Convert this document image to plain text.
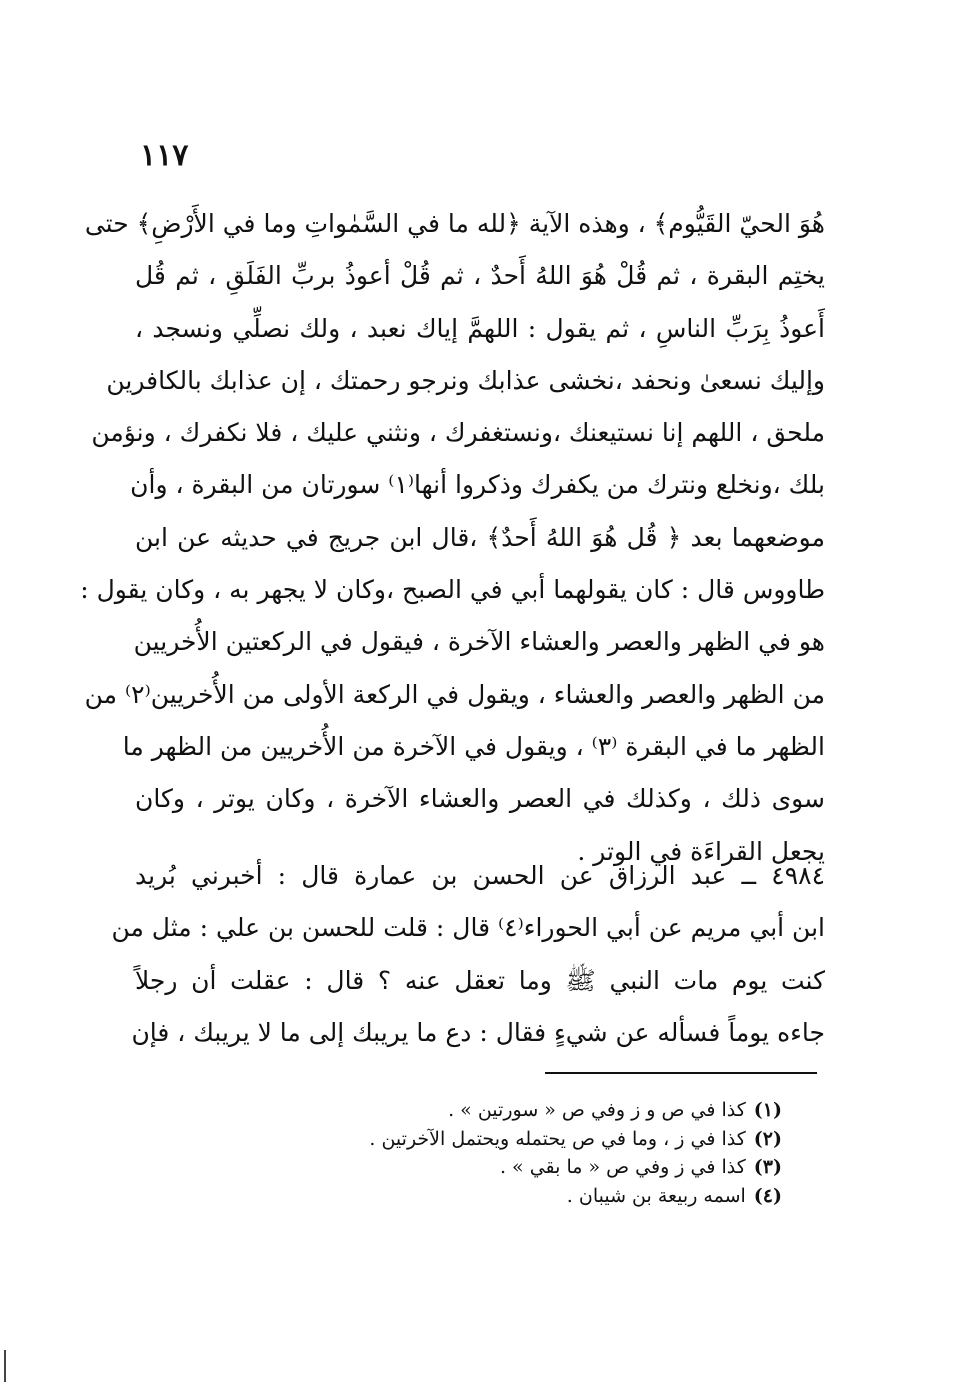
١١٧
هُوَ الحيّ القَيُّوم﴾ ، وهذه الآية ﴿لله ما في السَّمٰواتِ وما في الأَرْضِ﴾ حتى
يختِم البقرة ، ثم قُلْ هُوَ اللهُ أَحدٌ ، ثم قُلْ أعوذُ بربِّ الفَلَقِ ، ثم قُل
أَعوذُ بِرَبِّ الناسِ ، ثم يقول : اللهمَّ إياك نعبد ، ولك نصلِّي ونسجد ،
وإليك نسعىٰ ونحفد ،نخشى عذابك ونرجو رحمتك ، إن عذابك بالكافرين
ملحق ، اللهم إنا نستيعنك ،ونستغفرك ، ونثني عليك ، فلا نكفرك ، ونؤمن
بلك ،ونخلع ونترك من يكفرك وذكروا أنها⁽١⁾ سورتان من البقرة ، وأن
موضعهما بعد ﴿ قُل هُوَ اللهُ أَحدٌ﴾ ،قال ابن جريج في حديثه عن ابن
طاووس قال : كان يقولهما أبي في الصبح ،وكان لا يجهر به ، وكان يقول :
هو في الظهر والعصر والعشاء الآخرة ، فيقول في الركعتين الأُخريين
من الظهر والعصر والعشاء ، ويقول في الركعة الأولى من الأُخريين⁽٢⁾ من
الظهر ما في البقرة ⁽٣⁾ ، ويقول في الآخرة من الأُخريين من الظهر ما
سوى ذلك ، وكذلك في العصر والعشاء الآخرة ، وكان يوتر ، وكان
يجعل القراءَة في الوتر .
٤٩٨٤ ــ عبد الرزاق عن الحسن بن عمارة قال : أخبرني بُريد
ابن أبي مريم عن أبي الحوراء⁽٤⁾ قال : قلت للحسن بن علي : مثل من
كنت يوم مات النبي ﷺ وما تعقل عنه ؟ قال : عقلت أن رجلاً
جاءه يوماً فسأله عن شيءٍ فقال : دع ما يريبك إلى ما لا يريبك ، فإن
(١)كذا في ص و ز وفي ص « سورتين » .
(٢)كذا في ز ، وما في ص يحتمله ويحتمل الآخرتين .
(٣)كذا في ز وفي ص « ما بقي » .
(٤)اسمه ربيعة بن شيبان .
